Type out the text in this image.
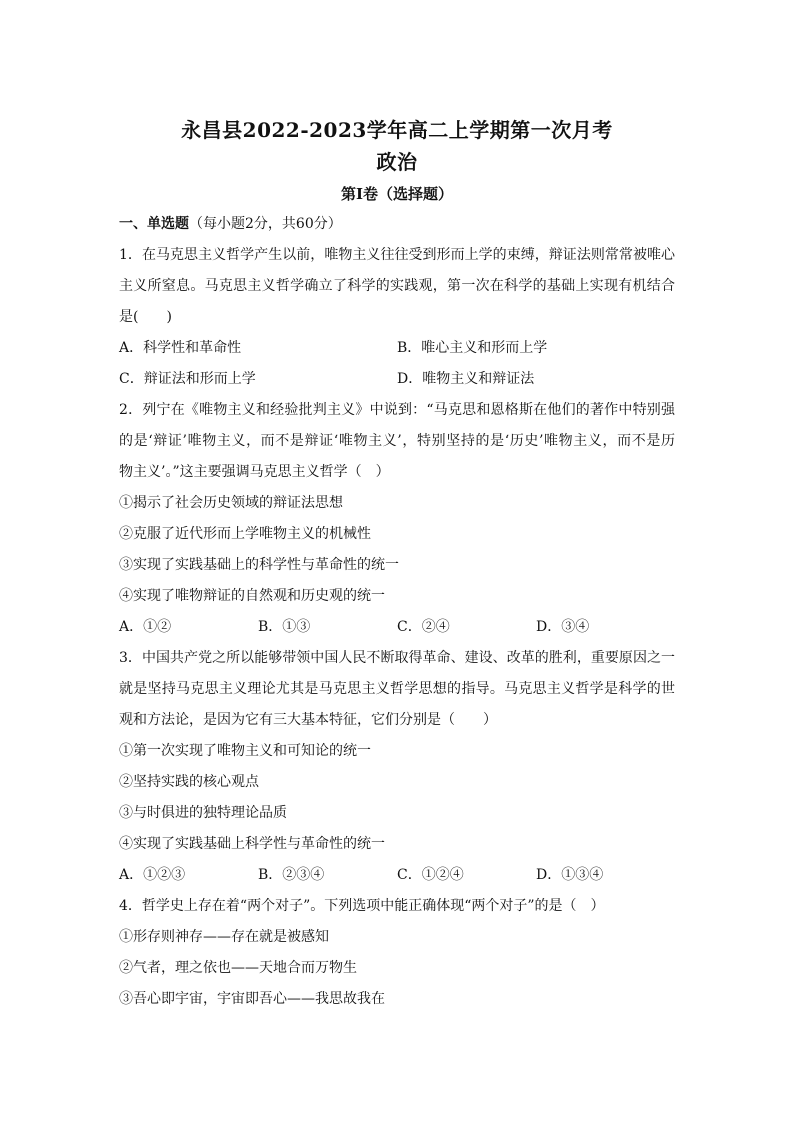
永昌县2022-2023学年高二上学期第一次月考
政治
第I卷（选择题）
一、单选题（每小题2分，共60分）
1．在马克思主义哲学产生以前，唯物主义往往受到形而上学的束缚，辩证法则常常被唯心
主义所窒息。马克思主义哲学确立了科学的实践观，第一次在科学的基础上实现有机结合
是(　　)
A．科学性和革命性	B．唯心主义和形而上学
C．辩证法和形而上学	D．唯物主义和辩证法
2．列宁在《唯物主义和经验批判主义》中说到：“马克思和恩格斯在他们的著作中特别强
的是‘辩证’唯物主义，而不是辩证‘唯物主义’，特别坚持的是‘历史’唯物主义，而不是历
物主义’。”这主要强调马克思主义哲学（　）
①揭示了社会历史领域的辩证法思想
②克服了近代形而上学唯物主义的机械性
③实现了实践基础上的科学性与革命性的统一
④实现了唯物辩证的自然观和历史观的统一
A．①②	B．①③	C．②④	D．③④
3．中国共产党之所以能够带领中国人民不断取得革命、建设、改革的胜利，重要原因之一
就是坚持马克思主义理论尤其是马克思主义哲学思想的指导。马克思主义哲学是科学的世
观和方法论，是因为它有三大基本特征，它们分别是（　　）
①第一次实现了唯物主义和可知论的统一
②坚持实践的核心观点
③与时俱进的独特理论品质
④实现了实践基础上科学性与革命性的统一
A．①②③	B．②③④	C．①②④	D．①③④
4．哲学史上存在着“两个对子”。下列选项中能正确体现“两个对子”的是（　）
①形存则神存——存在就是被感知
②气者，理之依也——天地合而万物生
③吾心即宇宙，宇宙即吾心——我思故我在
